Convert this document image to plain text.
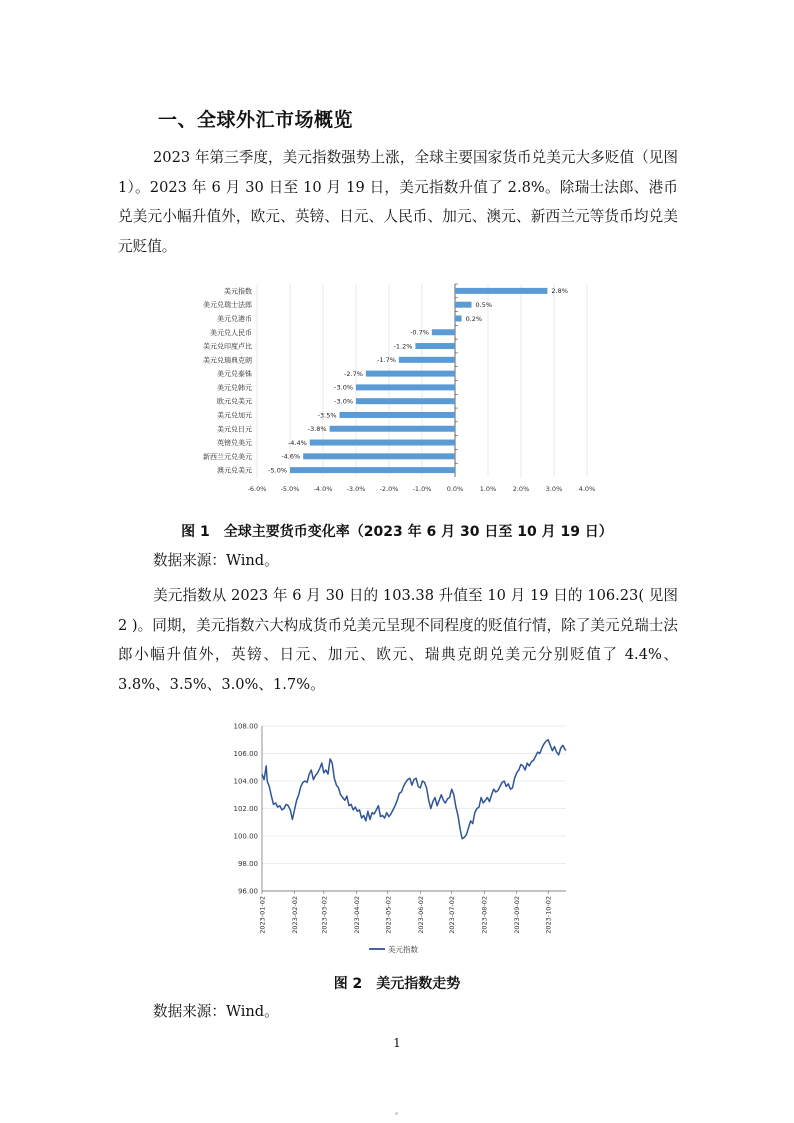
一、全球外汇市场概览

2023 年第三季度，美元指数强势上涨，全球主要国家货币兑美元大多贬值（见图 1）。2023 年 6 月 30 日至 10 月 19 日，美元指数升值了 2.8%。除瑞士法郎、港币兑美元小幅升值外，欧元、英镑、日元、人民币、加元、澳元、新西兰元等货币均兑美元贬值。

-6.0% -5.0% -4.0% -3.0% -2.0% -1.0% 0.0%	1.0%	2.0%	3.0%	4.0%
美元指数	2.8%
美元兑瑞士法郎	0.5%
美元兑港币	0.2%
美元兑人民币	-0.7%
美元兑印度卢比	-1.2%
美元兑瑞典克朗	-1.7%
美元兑泰铢	-2.7%
美元兑韩元	-3.0%
欧元兑美元	-3.0%
美元兑加元	-3.5%
美元兑日元	-3.8%
英镑兑美元	-4.4%
新西兰元兑美元	-4.6%
澳元兑美元 -5.0%
图 1　全球主要货币变化率（2023 年 6 月 30 日至 10 月 19 日）
数据来源：Wind。

美元指数从 2023 年 6 月 30 日的 103.38 升值至 10 月 19 日的 106.23( 见图 2 )。同期，美元指数六大构成货币兑美元呈现不同程度的贬值行情，除了美元兑瑞士法郎小幅升值外，英镑、日元、加元、欧元、瑞典克朗兑美元分别贬值了 4.4%、3.8%、3.5%、3.0%、1.7%。

96.00
98.00
100.00
102.00
104.00
106.00
108.00
2023-01-02	2023-02-02	2023-03-02	2023-04-02	2023-05-02	2023-06-02	2023-07-02	2023-08-02	2023-09-02	2023-10-02
美元指数
图 2　美元指数走势
数据来源：Wind。
1
